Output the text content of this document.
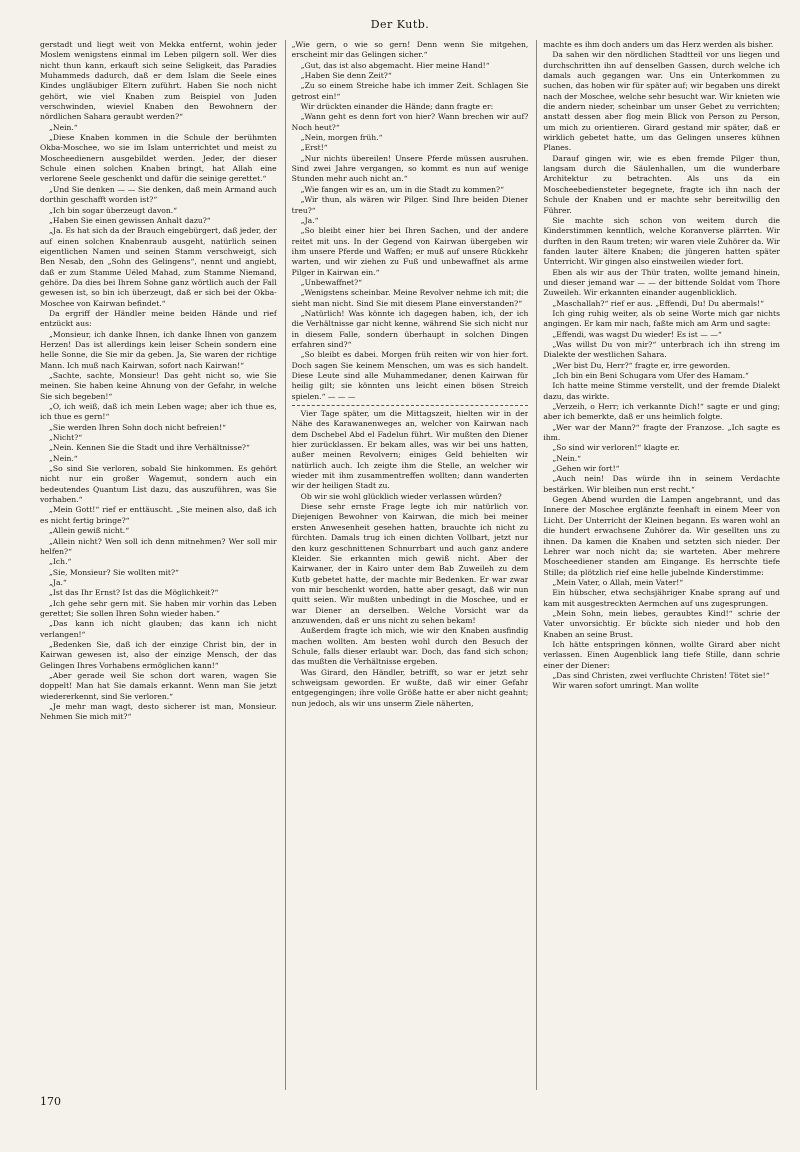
Der Kutb.

gerstadt und liegt weit von Mekka entfernt, wohin jeder Moslem wenigstens einmal im Leben pilgern soll. Wer dies nicht thun kann, erkauft sich seine Seligkeit, das Paradies Muhammeds dadurch, daß er dem Islam die Seele eines Kindes ungläubiger Eltern zuführt. Haben Sie noch nicht gehört, wie viel Knaben zum Beispiel von Juden verschwinden, wieviel Knaben den Bewohnern der nördlichen Sahara geraubt werden?“

„Nein.“

„Diese Knaben kommen in die Schule der berühmten Okba-Moschee, wo sie im Islam unterrichtet und meist zu Moscheedienern ausgebildet werden. Jeder, der dieser Schule einen solchen Knaben bringt, hat Allah eine verlorene Seele geschenkt und dafür die seinige gerettet.“

„Und Sie denken — — Sie denken, daß mein Armand auch dorthin geschafft worden ist?“

„Ich bin sogar überzeugt davon.“

„Haben Sie einen gewissen Anhalt dazu?“

„Ja. Es hat sich da der Brauch eingebürgert, daß jeder, der auf einen solchen Knabenraub ausgeht, natürlich seinen eigentlichen Namen und seinen Stamm verschweigt, sich Ben Nesab, den „Sohn des Gelingens“, nennt und angiebt, daß er zum Stamme Uéled Mahad, zum Stamme Niemand, gehöre. Da dies bei Ihrem Sohne ganz wörtlich auch der Fall gewesen ist, so bin ich überzeugt, daß er sich bei der Okba-Moschee von Kairwan befindet.“

Da ergriff der Händler meine beiden Hände und rief entzückt aus:

„Monsieur, ich danke Ihnen, ich danke Ihnen von ganzem Herzen! Das ist allerdings kein leiser Schein sondern eine helle Sonne, die Sie mir da geben. Ja, Sie waren der richtige Mann. Ich muß nach Kairwan, sofort nach Kairwan!“

„Sachte, sachte, Monsieur! Das geht nicht so, wie Sie meinen. Sie haben keine Ahnung von der Gefahr, in welche Sie sich begeben!“

„O, ich weiß, daß ich mein Leben wage; aber ich thue es, ich thue es gern!“

„Sie werden Ihren Sohn doch nicht befreien!“

„Nicht?“

„Nein. Kennen Sie die Stadt und ihre Verhältnisse?“

„Nein.“

„So sind Sie verloren, sobald Sie hinkommen. Es gehört nicht nur ein großer Wagemut, sondern auch ein bedeutendes Quantum List dazu, das auszuführen, was Sie vorhaben.“

„Mein Gott!“ rief er enttäuscht. „Sie meinen also, daß ich es nicht fertig bringe?“

„Allein gewiß nicht.“

„Allein nicht? Wen soll ich denn mitnehmen? Wer soll mir helfen?“

„Ich.“

„Sie, Monsieur? Sie wollten mit?“

„Ja.“

„Ist das Ihr Ernst? Ist das die Möglichkeit?“

„Ich gehe sehr gern mit. Sie haben mir vorhin das Leben gerettet; Sie sollen Ihren Sohn wieder haben.“

„Das kann ich nicht glauben; das kann ich nicht verlangen!“

„Bedenken Sie, daß ich der einzige Christ bin, der in Kairwan gewesen ist, also der einzige Mensch, der das Gelingen Ihres Vorhabens ermöglichen kann!“

„Aber gerade weil Sie schon dort waren, wagen Sie doppelt! Man hat Sie damals erkannt. Wenn man Sie jetzt wiedererkennt, sind Sie verloren.“

„Je mehr man wagt, desto sicherer ist man, Monsieur. Nehmen Sie mich mit?“

„Wie gern, o wie so gern! Denn wenn Sie mitgehen, erscheint mir das Gelingen sicher.“

„Gut, das ist also abgemacht. Hier meine Hand!“

„Haben Sie denn Zeit?“

„Zu so einem Streiche habe ich immer Zeit. Schlagen Sie getrost ein!“

Wir drückten einander die Hände; dann fragte er:

„Wann geht es denn fort von hier? Wann brechen wir auf? Noch heut?“

„Nein, morgen früh.“

„Erst!“

„Nur nichts übereilen! Unsere Pferde müssen ausruhen. Sind zwei Jahre vergangen, so kommt es nun auf wenige Stunden mehr auch nicht an.“

„Wie fangen wir es an, um in die Stadt zu kommen?“

„Wir thun, als wären wir Pilger. Sind Ihre beiden Diener treu?“

„Ja.“

„So bleibt einer hier bei Ihren Sachen, und der andere reitet mit uns. In der Gegend von Kairwan übergeben wir ihm unsere Pferde und Waffen; er muß auf unsere Rückkehr warten, und wir ziehen zu Fuß und unbewaffnet als arme Pilger in Kairwan ein.“

„Unbewaffnet?“

„Wenigstens scheinbar. Meine Revolver nehme ich mit; die sieht man nicht. Sind Sie mit diesem Plane einverstanden?“

„Natürlich! Was könnte ich dagegen haben, ich, der ich die Verhältnisse gar nicht kenne, während Sie sich nicht nur in diesem Falle, sondern überhaupt in solchen Dingen erfahren sind?“

„So bleibt es dabei. Morgen früh reiten wir von hier fort. Doch sagen Sie keinem Menschen, um was es sich handelt. Diese Leute sind alle Muhammedaner, denen Kairwan für heilig gilt; sie könnten uns leicht einen bösen Streich spielen.“ — — —

Vier Tage später, um die Mittagszeit, hielten wir in der Nähe des Karawanenweges an, welcher von Kairwan nach dem Dschebel Abd el Fadelun führt. Wir mußten den Diener hier zurücklassen. Er bekam alles, was wir bei uns hatten, außer meinen Revolvern; einiges Geld behielten wir natürlich auch. Ich zeigte ihm die Stelle, an welcher wir wieder mit ihm zusammentreffen wollten; dann wanderten wir der heiligen Stadt zu.

Ob wir sie wohl glücklich wieder verlassen würden?

Diese sehr ernste Frage legte ich mir natürlich vor. Diejenigen Bewohner von Kairwan, die mich bei meiner ersten Anwesenheit gesehen hatten, brauchte ich nicht zu fürchten. Damals trug ich einen dichten Vollbart, jetzt nur den kurz geschnittenen Schnurrbart und auch ganz andere Kleider. Sie erkannten mich gewiß nicht. Aber der Kairwaner, der in Kairo unter dem Bab Zuweileh zu dem Kutb gebetet hatte, der machte mir Bedenken. Er war zwar von mir beschenkt worden, hatte aber gesagt, daß wir nun quitt seien. Wir mußten unbedingt in die Moschee, und er war Diener an derselben. Welche Vorsicht war da anzuwenden, daß er uns nicht zu sehen bekam!

Außerdem fragte ich mich, wie wir den Knaben ausfindig machen wollten. Am besten wohl durch den Besuch der Schule, falls dieser erlaubt war. Doch, das fand sich schon; das mußten die Verhältnisse ergeben.

Was Girard, den Händler, betrifft, so war er jetzt sehr schweigsam geworden. Er wußte, daß wir einer Gefahr entgegengingen; ihre volle Größe hatte er aber nicht geahnt; nun jedoch, als wir uns unserm Ziele näherten,

machte es ihm doch anders um das Herz werden als bisher.

Da sahen wir den nördlichen Stadtteil vor uns liegen und durchschritten ihn auf denselben Gassen, durch welche ich damals auch gegangen war. Uns ein Unterkommen zu suchen, das hoben wir für später auf; wir begaben uns direkt nach der Moschee, welche sehr besucht war. Wir knieten wie die andern nieder, scheinbar um unser Gebet zu verrichten; anstatt dessen aber flog mein Blick von Person zu Person, um mich zu orientieren. Girard gestand mir später, daß er wirklich gebetet hatte, um das Gelingen unseres kühnen Planes.

Darauf gingen wir, wie es eben fremde Pilger thun, langsam durch die Säulenhallen, um die wunderbare Architektur zu betrachten. Als uns da ein Moscheebediensteter begegnete, fragte ich ihn nach der Schule der Knaben und er machte sehr bereitwillig den Führer.

Sie machte sich schon von weitem durch die Kinderstimmen kenntlich, welche Koranverse plärrten. Wir durften in den Raum treten; wir waren viele Zuhörer da. Wir fanden lauter ältere Knaben; die jüngeren hatten später Unterricht. Wir gingen also einstweilen wieder fort.

Eben als wir aus der Thür traten, wollte jemand hinein, und dieser jemand war — — der bittende Soldat vom Thore Zuweileh. Wir erkannten einander augenblicklich.

„Maschallah?“ rief er aus. „Effendi, Du! Du abermals!“

Ich ging ruhig weiter, als ob seine Worte mich gar nichts angingen. Er kam mir nach, faßte mich am Arm und sagte:

„Effendi, was wagst Du wieder! Es ist — —“

„Was willst Du von mir?“ unterbrach ich ihn streng im Dialekte der westlichen Sahara.

„Wer bist Du, Herr?“ fragte er, irre geworden.

„Ich bin ein Beni Schugara vom Ufer des Hamam.“

Ich hatte meine Stimme verstellt, und der fremde Dialekt dazu, das wirkte.

„Verzeih, o Herr; ich verkannte Dich!“ sagte er und ging; aber ich bemerkte, daß er uns heimlich folgte.

„Wer war der Mann?“ fragte der Franzose. „Ich sagte es ihm.

„So sind wir verloren!“ klagte er.

„Nein.“

„Gehen wir fort!“

„Auch nein! Das würde ihn in seinem Verdachte bestärken. Wir bleiben nun erst recht.“

Gegen Abend wurden die Lampen angebrannt, und das Innere der Moschee erglänzte feenhaft in einem Meer von Licht. Der Unterricht der Kleinen begann. Es waren wohl an die hundert erwachsene Zuhörer da. Wir gesellten uns zu ihnen. Da kamen die Knaben und setzten sich nieder. Der Lehrer war noch nicht da; sie warteten. Aber mehrere Moscheediener standen am Eingange. Es herrschte tiefe Stille; da plötzlich rief eine helle jubelnde Kinderstimme:

„Mein Vater, o Allah, mein Vater!“

Ein hübscher, etwa sechsjähriger Knabe sprang auf und kam mit ausgestreckten Aermchen auf uns zugesprungen.

„Mein Sohn, mein liebes, geraubtes Kind!“ schrie der Vater unvorsichtig. Er bückte sich nieder und hob den Knaben an seine Brust.

Ich hätte entspringen können, wollte Girard aber nicht verlassen. Einen Augenblick lang tiefe Stille, dann schrie einer der Diener:

„Das sind Christen, zwei verfluchte Christen! Tötet sie!“

Wir waren sofort umringt. Man wollte

170
